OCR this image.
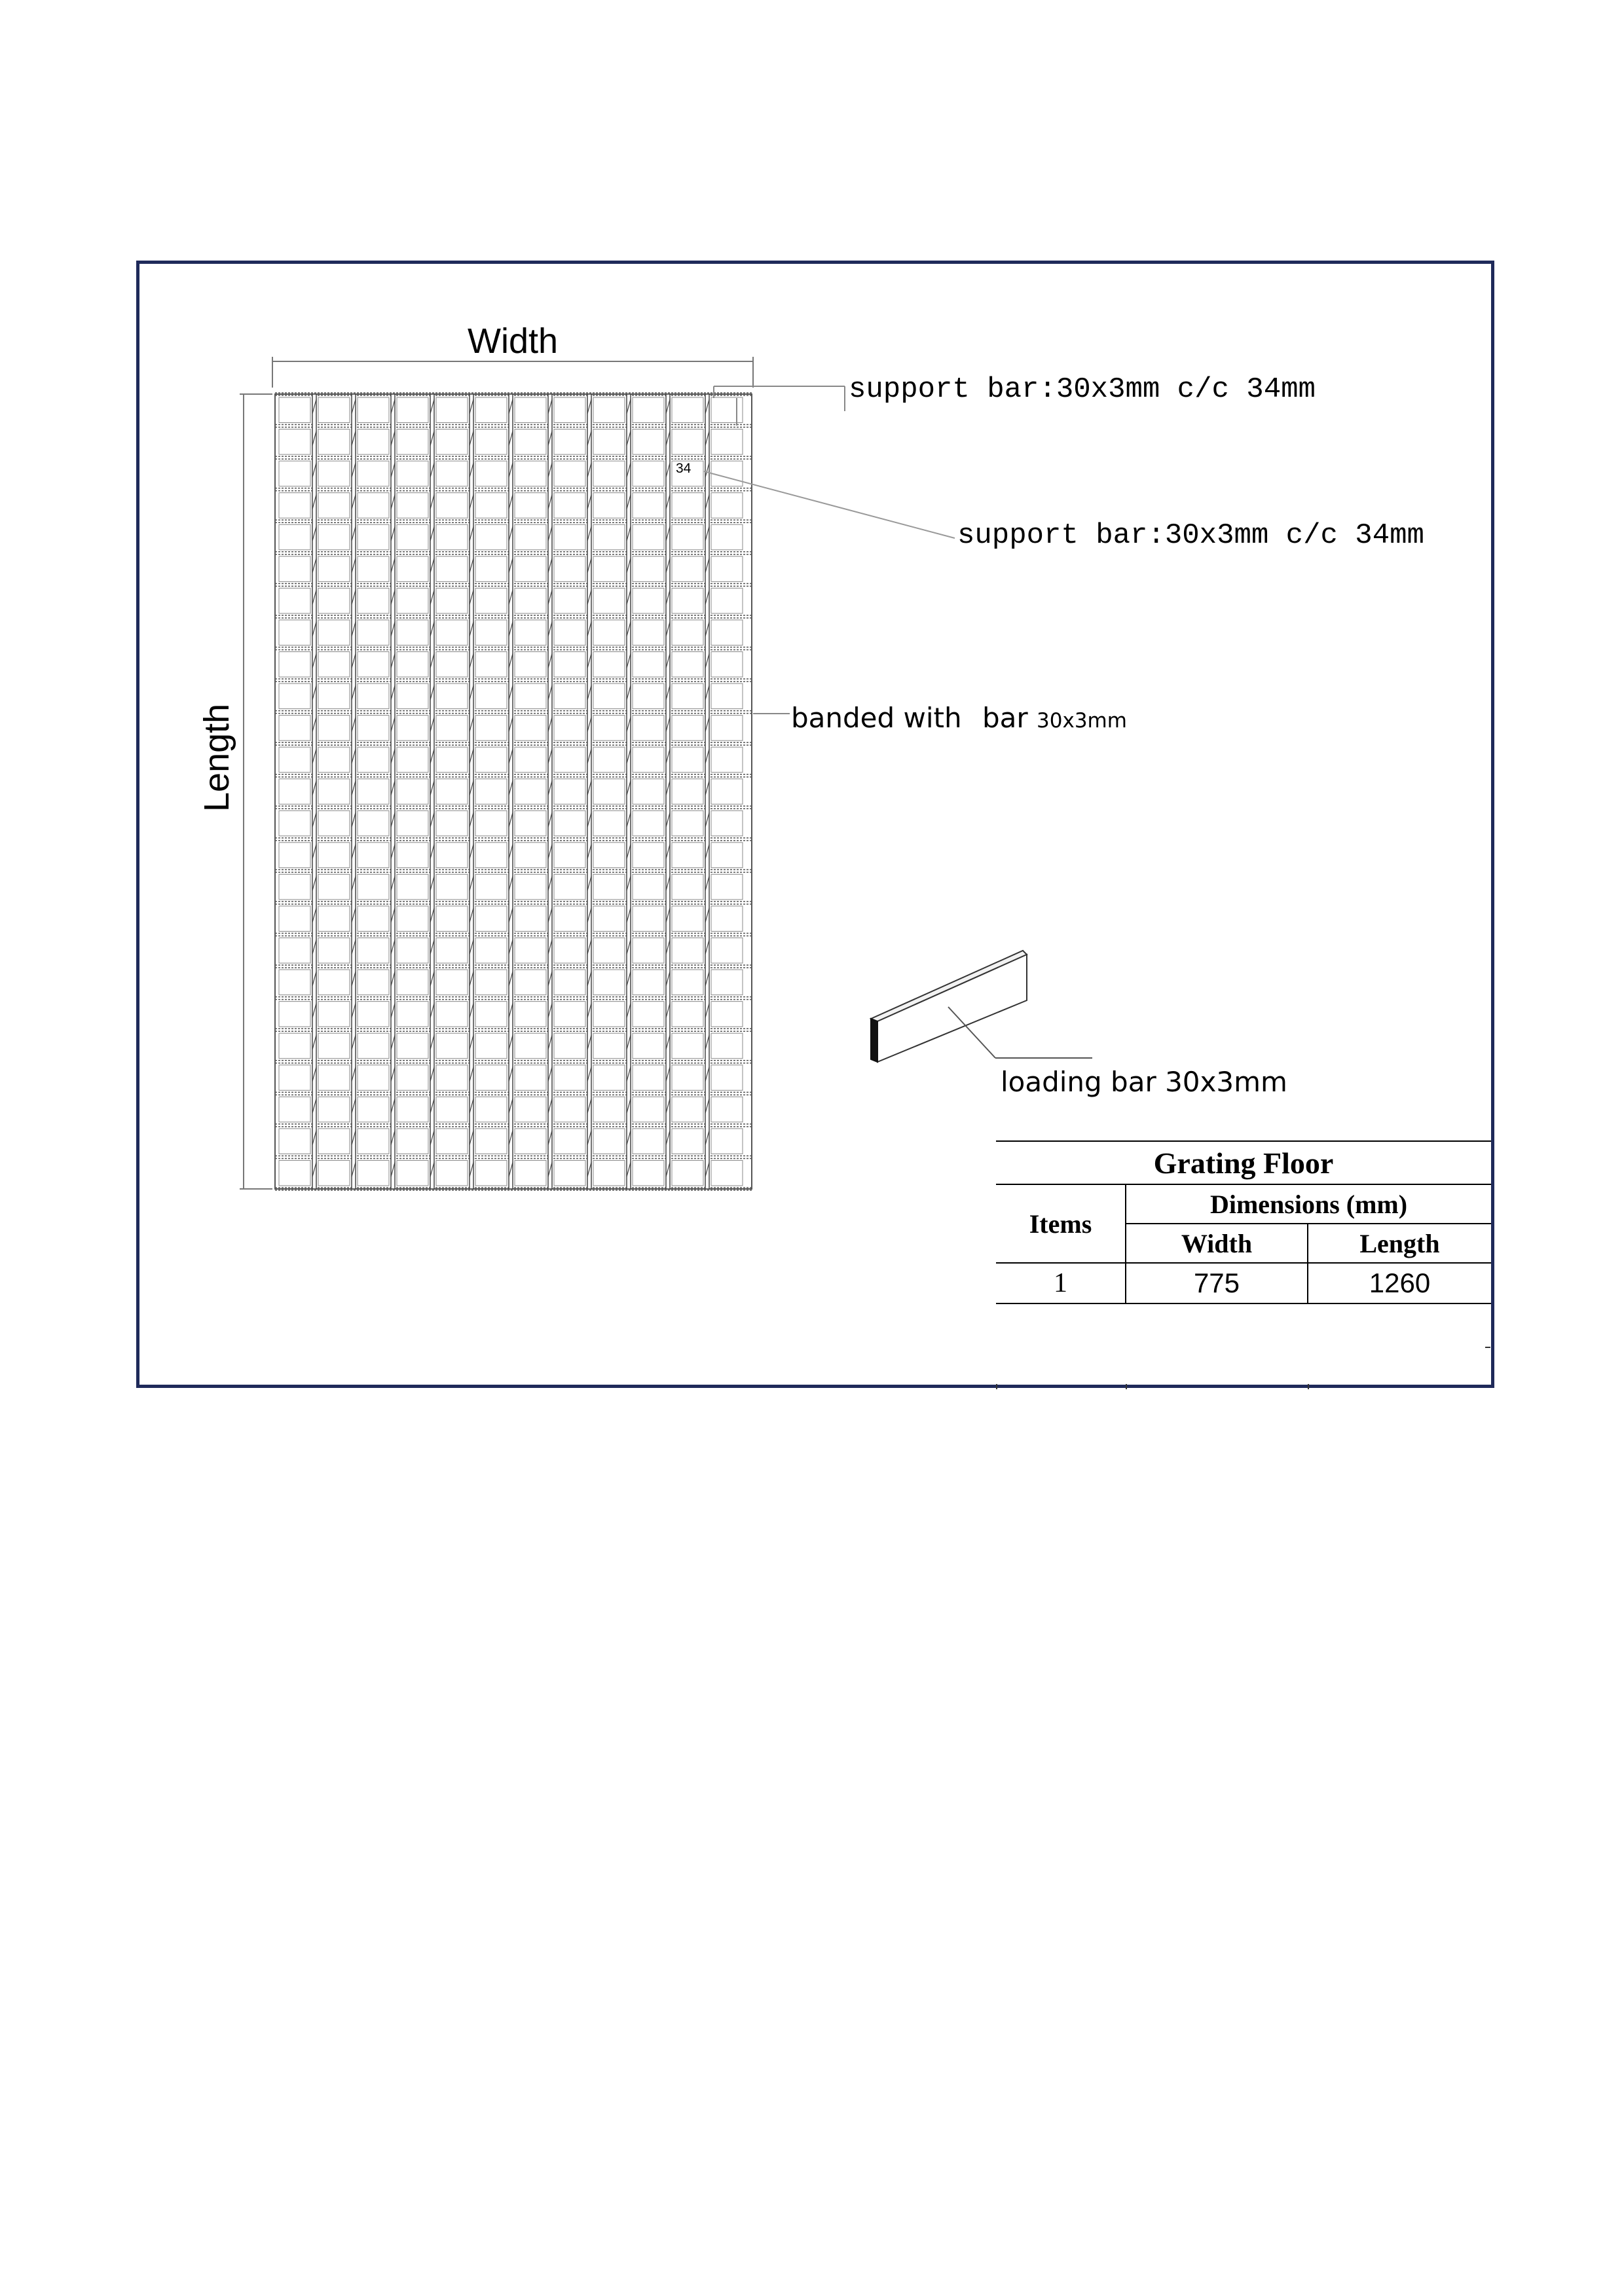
Width
Length
support bar:30x3mm c/c 34mm
support bar:30x3mm c/c 34mm
34
banded with bar 30x3mm
loading bar 30x3mm
Grating Floor		
Items	Dimensions (mm)	
	Width	Length
1	775	1260
